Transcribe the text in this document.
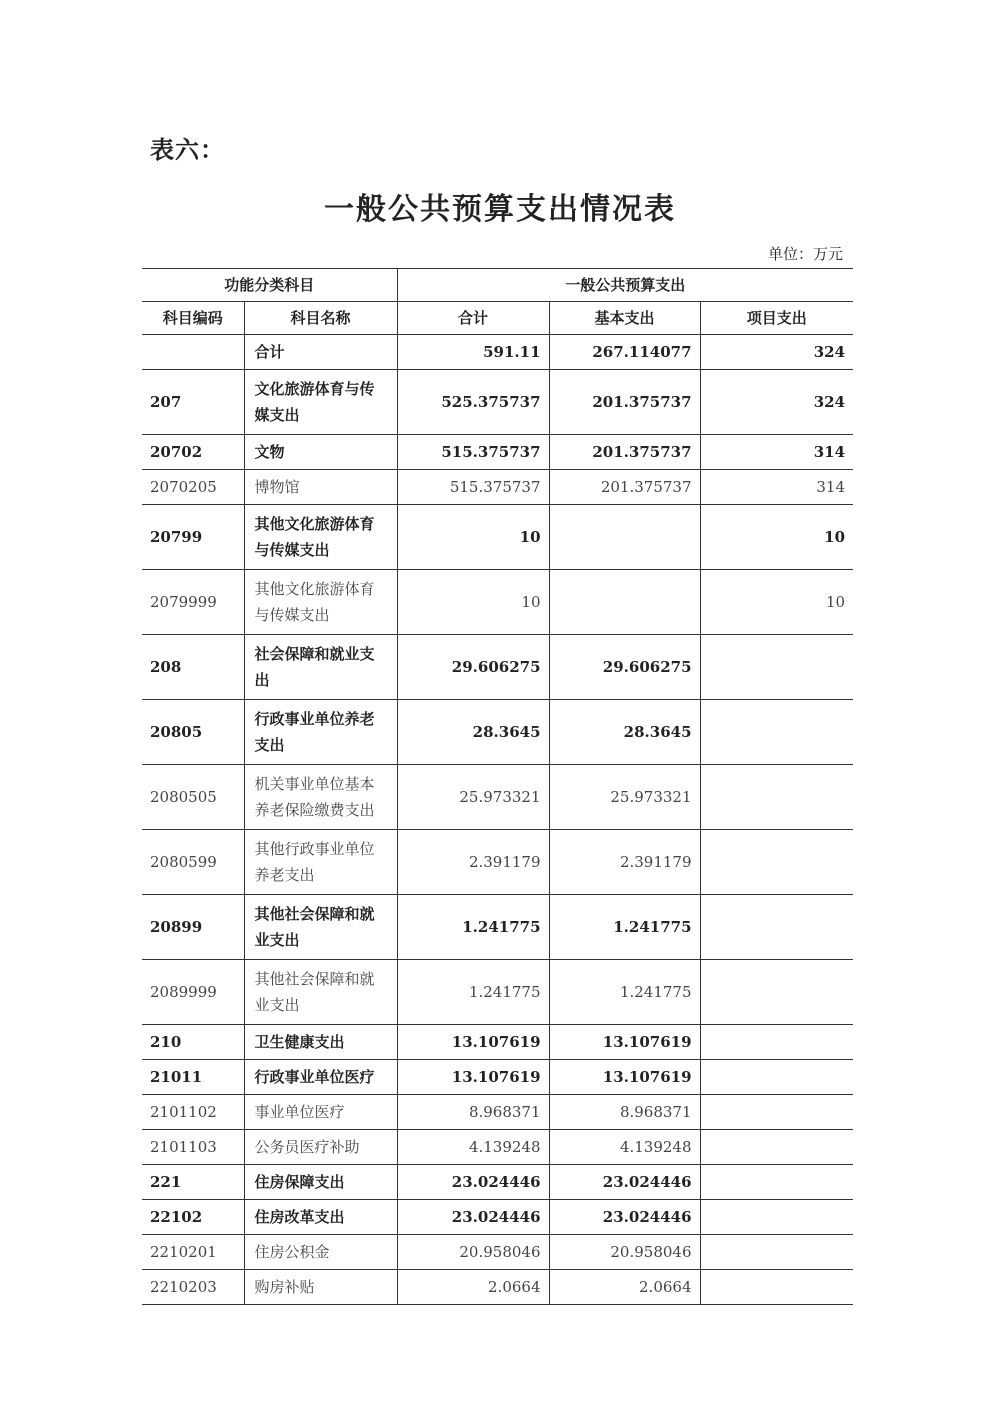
表六：
一般公共预算支出情况表
单位：万元
功能分类科目		一般公共预算支出		
科目编码	科目名称	合计	基本支出	项目支出
	合计	591.11	267.114077	324
207	文化旅游体育与传媒支出	525.375737	201.375737	324
20702	文物	515.375737	201.375737	314
2070205	博物馆	515.375737	201.375737	314
20799	其他文化旅游体育与传媒支出	10		10
2079999	其他文化旅游体育与传媒支出	10		10
208	社会保障和就业支出	29.606275	29.606275	
20805	行政事业单位养老支出	28.3645	28.3645	
2080505	机关事业单位基本养老保险缴费支出	25.973321	25.973321	
2080599	其他行政事业单位养老支出	2.391179	2.391179	
20899	其他社会保障和就业支出	1.241775	1.241775	
2089999	其他社会保障和就业支出	1.241775	1.241775	
210	卫生健康支出	13.107619	13.107619	
21011	行政事业单位医疗	13.107619	13.107619	
2101102	事业单位医疗	8.968371	8.968371	
2101103	公务员医疗补助	4.139248	4.139248	
221	住房保障支出	23.024446	23.024446	
22102	住房改革支出	23.024446	23.024446	
2210201	住房公积金	20.958046	20.958046	
2210203	购房补贴	2.0664	2.0664	
